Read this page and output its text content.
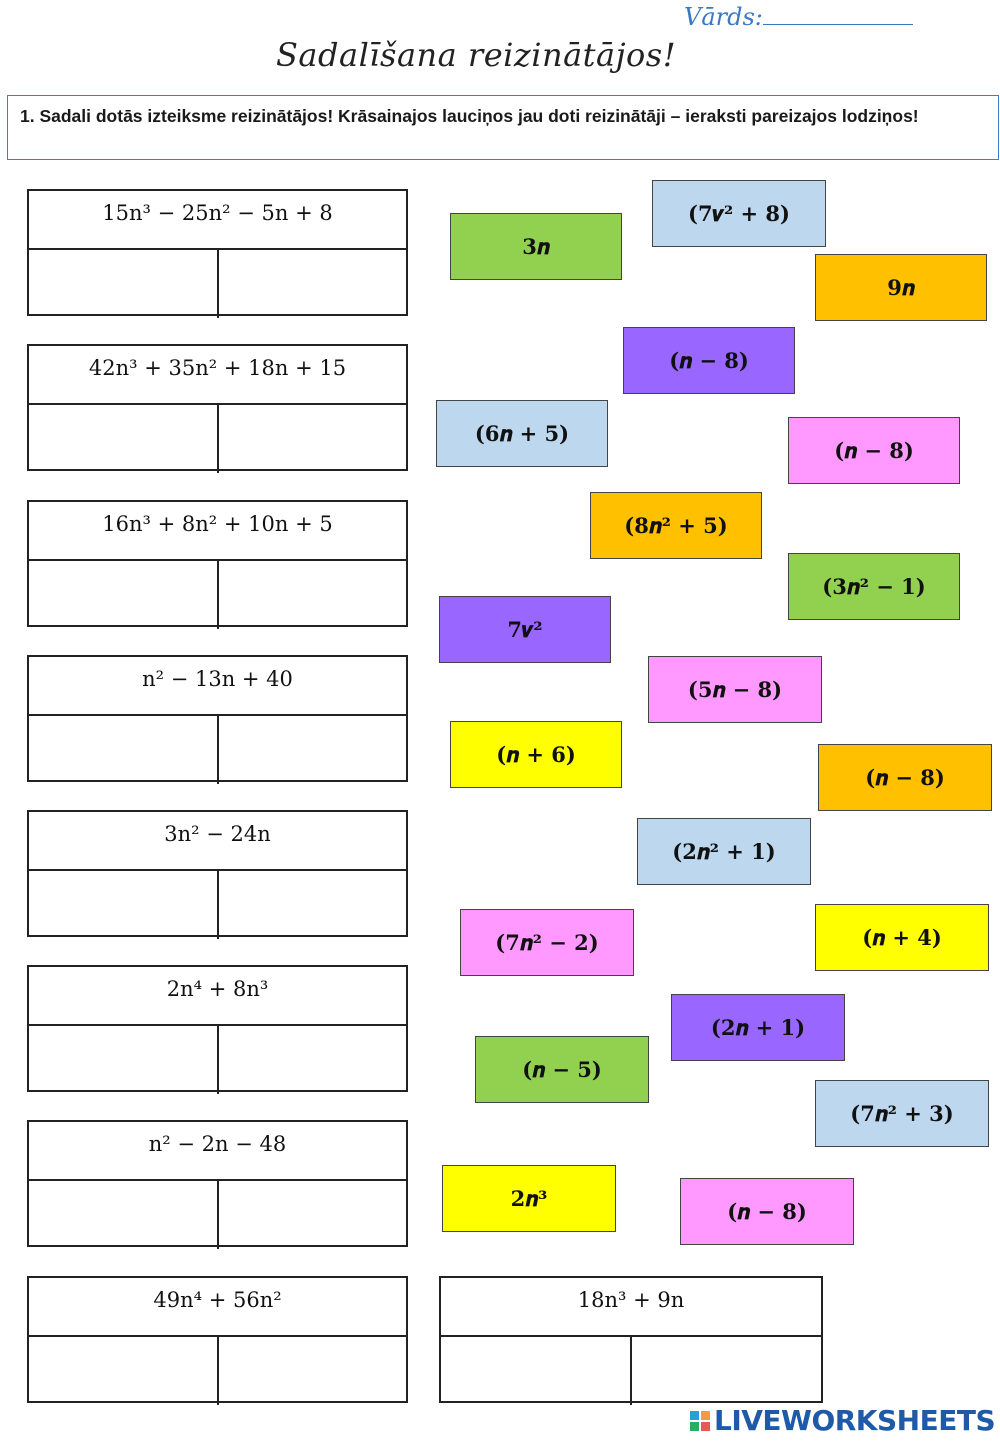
Vārds:
Sadalīšana reizinātājos!
1. Sadali dotās izteiksme reizinātājos! Krāsainajos lauciņos jau doti reizinātāji – ieraksti pareizajos lodziņos!
15n³ − 25n² − 5n + 8
42n³ + 35n² + 18n + 15
16n³ + 8n² + 10n + 5
n² − 13n + 40
3n² − 24n
2n⁴ + 8n³
n² − 2n − 48
49n⁴ + 56n²	18n³ + 9n
3𝒏
(𝟕𝒗² + 𝟖)
𝟗𝒏
(𝒏 − 𝟖)
(𝟔𝒏 + 𝟓)
(𝒏 − 𝟖)
(𝟖𝒏² + 𝟓)
(𝟑𝒏² − 𝟏)
𝟕𝒗²
(𝟓𝒏 − 𝟖)
(𝒏 + 𝟔)
(𝒏 − 𝟖)
(𝟐𝒏² + 𝟏)
(𝟕𝒏² − 𝟐)	(𝒏 + 𝟒)
(𝟐𝒏 + 𝟏)
(𝒏 − 𝟓)
(𝟕𝒏² + 𝟑)
2𝒏³
(𝒏 − 𝟖)
LIVEWORKSHEETS
